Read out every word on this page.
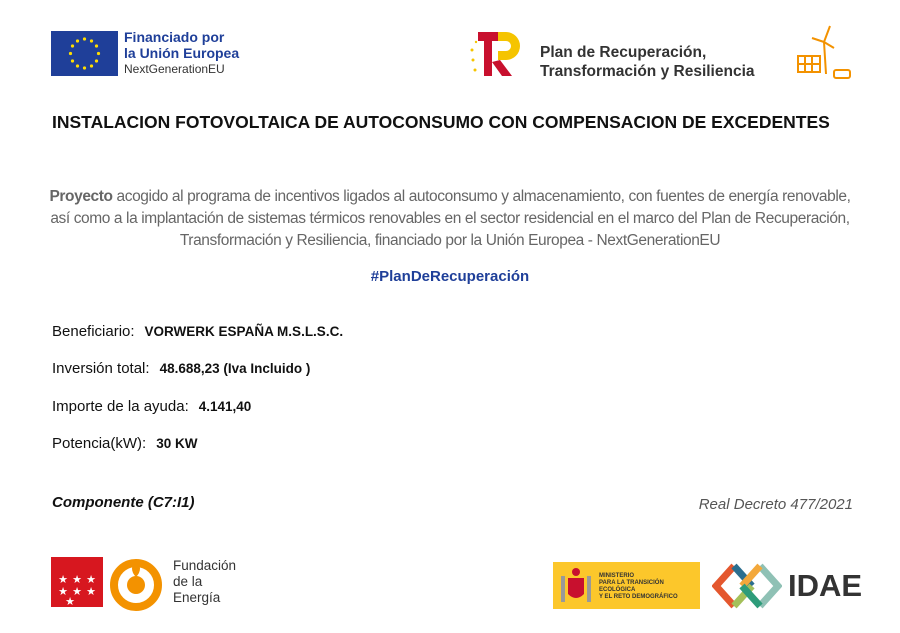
Financiado por
la Unión Europea
NextGenerationEU
Plan de Recuperación,
Transformación y Resiliencia
INSTALACION FOTOVOLTAICA DE AUTOCONSUMO CON COMPENSACION DE EXCEDENTES
Proyecto acogido al programa de incentivos ligados al autoconsumo y almacenamiento, con fuentes de energía renovable, así como a la implantación de sistemas térmicos renovables en el sector residencial en el marco del Plan de Recuperación, Transformación y Resiliencia, financiado por la Unión Europea - NextGenerationEU
#PlanDeRecuperación
Beneficiario: VORWERK ESPAÑA M.S.L.S.C.
Inversión total: 48.688,23 (Iva Incluido )
Importe de la ayuda: 4.141,40
Potencia(kW): 30 KW
Componente (C7:I1)	Real Decreto 477/2021
★ ★ ★
★ ★ ★
★
Fundación
de la
Energía
MINISTERIO
PARA LA TRANSICIÓN ECOLÓGICA
Y EL RETO DEMOGRÁFICO	IDAE
